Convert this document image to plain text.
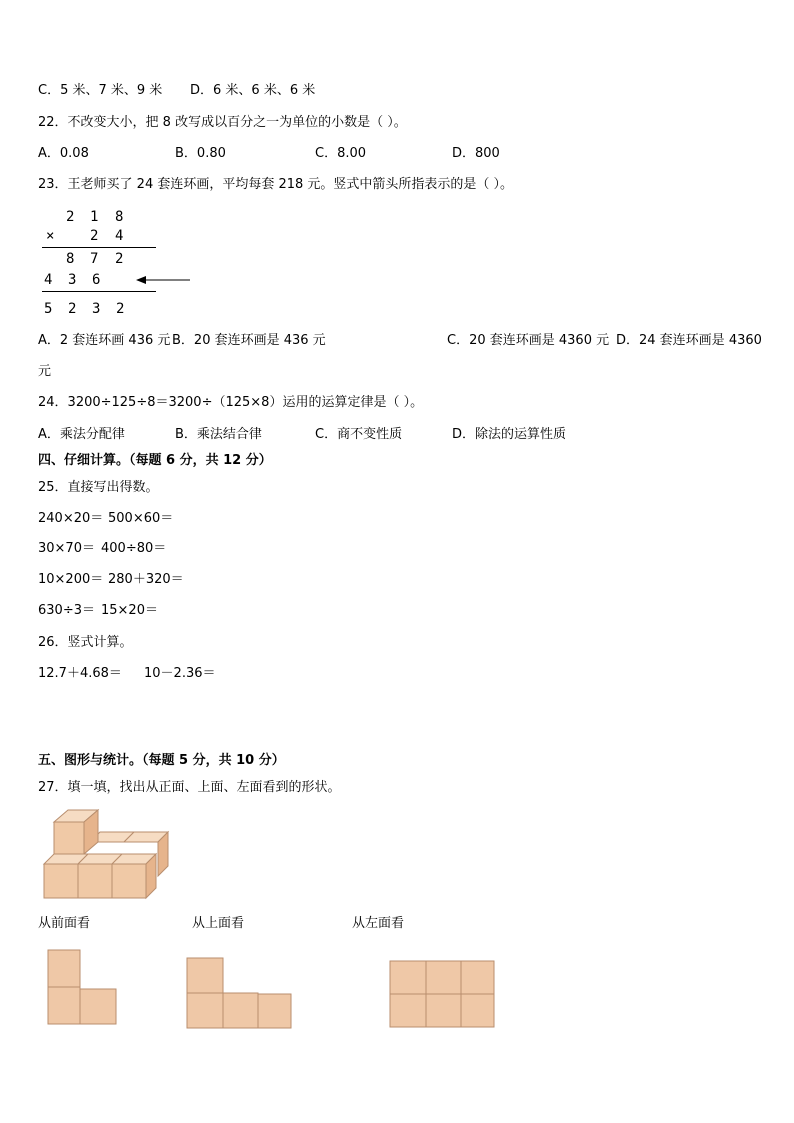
C．5 米、7 米、9 米 D．6 米、6 米、6 米
22．不改变大小，把 8 改写成以百分之一为单位的小数是（ ）。
A．0.08	B．0.80	C．8.00	D．800
23．王老师买了 24 套连环画，平均每套 218 元。竖式中箭头所指表示的是（ ）。
2 1 8
×	2 4
8 7 2
4 3 6
5 2 3 2
A．2 套连环画 436 元 B．20 套连环画是 436 元	C．20 套连环画是 4360 元 D．24 套连环画是 4360
元
24．3200÷125÷8＝3200÷（125×8）运用的运算定律是（ ）。
A．乘法分配律	B．乘法结合律	C．商不变性质	D．除法的运算性质
四、仔细计算。（每题 6 分，共 12 分）
25．直接写出得数。
240×20＝ 500×60＝
30×70＝ 400÷80＝
10×200＝ 280＋320＝
630÷3＝ 15×20＝
26．竖式计算。
12.7＋4.68＝ 10－2.36＝
五、图形与统计。（每题 5 分，共 10 分）
27．填一填，找出从正面、上面、左面看到的形状。
从前面看	从上面看	从左面看
